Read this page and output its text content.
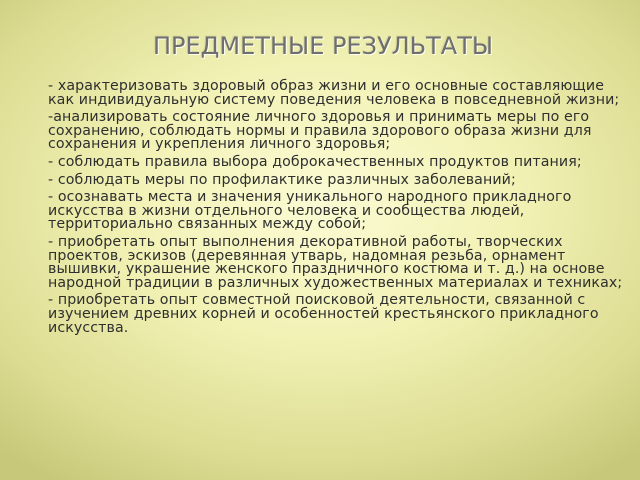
ПРЕДМЕТНЫЕ РЕЗУЛЬТАТЫ
- характеризовать здоровый образ жизни и его основные составляющие как индивидуальную систему поведения человека в повседневной жизни;
-анализировать состояние личного здоровья и принимать меры по его сохранению, соблюдать нормы и правила здорового образа жизни для сохранения и укрепления личного здоровья;
- соблюдать правила выбора доброкачественных продуктов питания;
- соблюдать меры по профилактике различных заболеваний;
- осознавать места и значения уникального народного прикладного искусства в жизни отдельного человека и сообщества людей, территориально связанных между собой;
- приобретать опыт выполнения декоративной работы, творческих проектов, эскизов (деревянная утварь, надомная резьба, орнамент вышивки, украшение женского праздничного костюма и т. д.) на основе народной традиции в различных художественных материалах и техниках;
- приобретать опыт совместной поисковой деятельности, связанной с изучением древних корней и особенностей крестьянского прикладного искусства.
